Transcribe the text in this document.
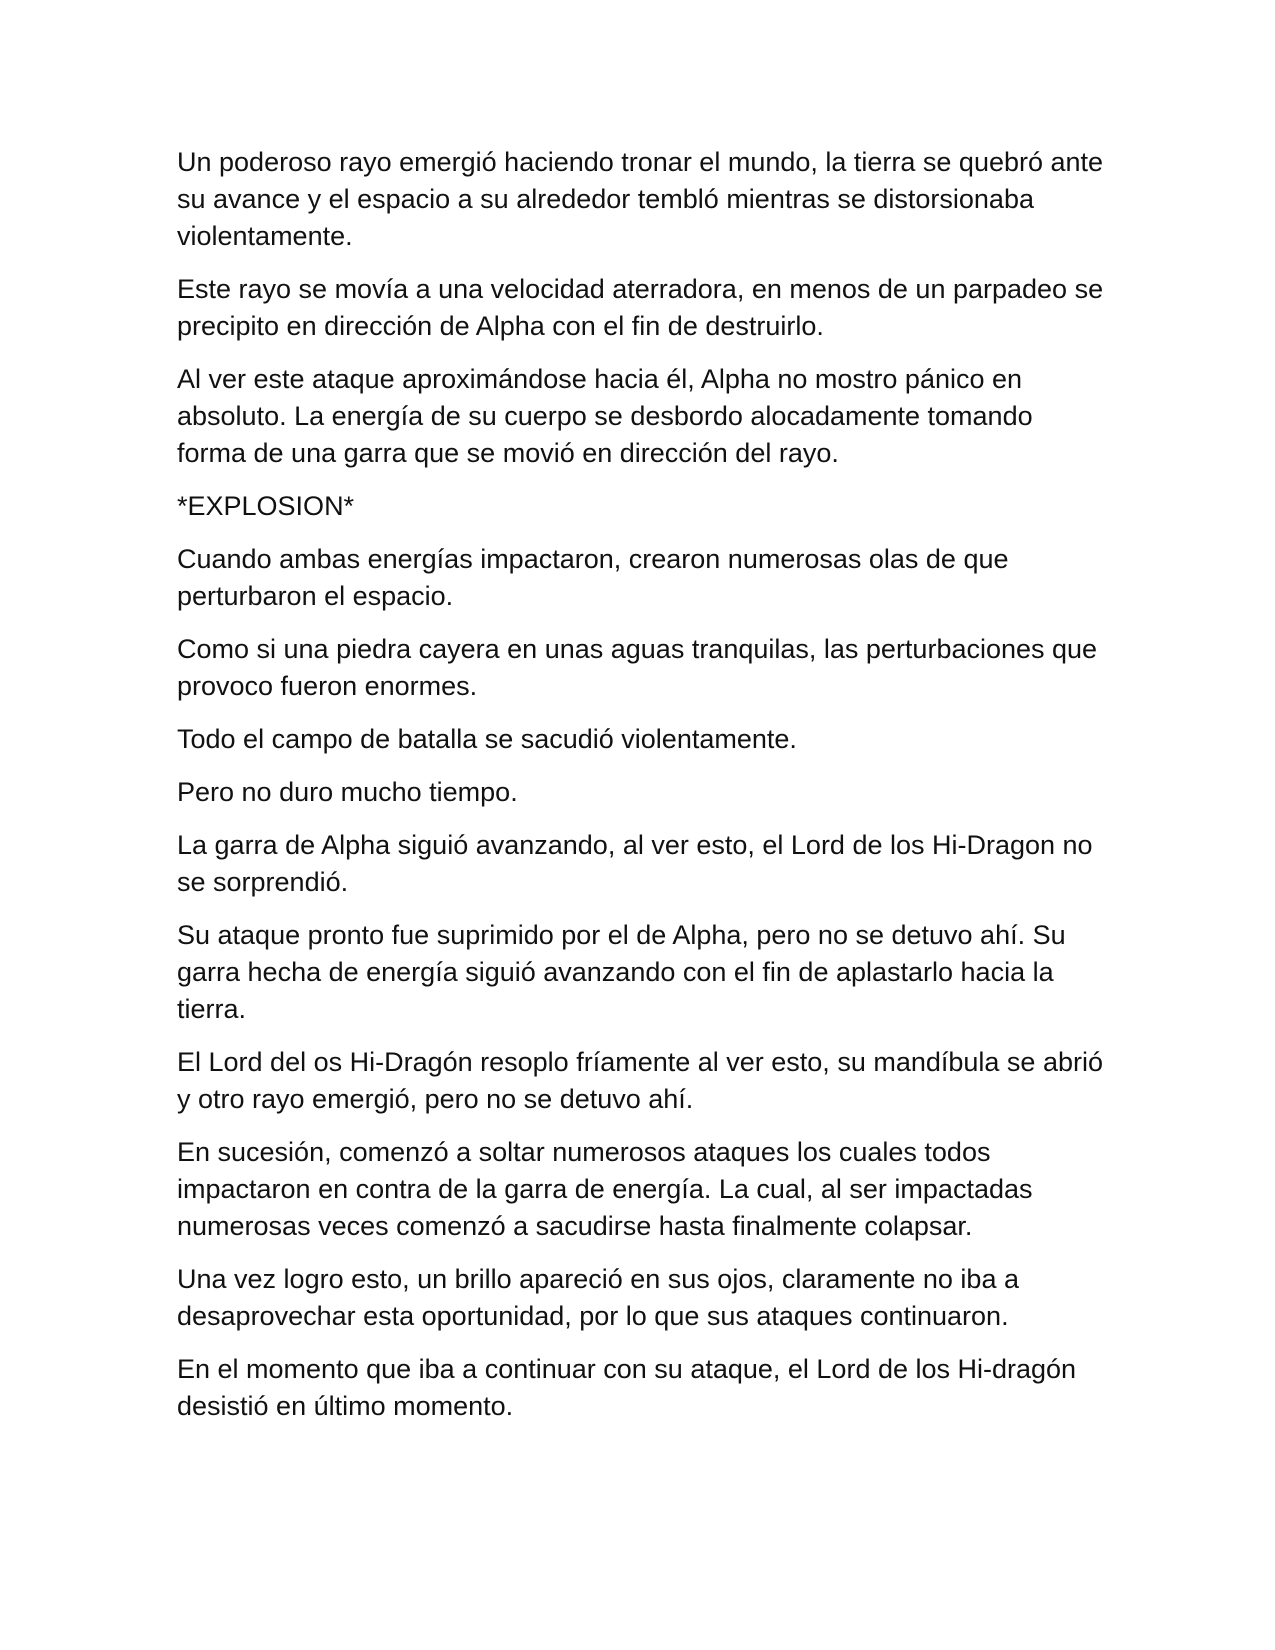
Un poderoso rayo emergió haciendo tronar el mundo, la tierra se quebró ante su avance y el espacio a su alrededor tembló mientras se distorsionaba violentamente.

Este rayo se movía a una velocidad aterradora, en menos de un parpadeo se precipito en dirección de Alpha con el fin de destruirlo.

Al ver este ataque aproximándose hacia él, Alpha no mostro pánico en absoluto. La energía de su cuerpo se desbordo alocadamente tomando forma de una garra que se movió en dirección del rayo.

*EXPLOSION*

Cuando ambas energías impactaron, crearon numerosas olas de que perturbaron el espacio.

Como si una piedra cayera en unas aguas tranquilas, las perturbaciones que provoco fueron enormes.

Todo el campo de batalla se sacudió violentamente.

Pero no duro mucho tiempo.

La garra de Alpha siguió avanzando, al ver esto, el Lord de los Hi-Dragon no se sorprendió.

Su ataque pronto fue suprimido por el de Alpha, pero no se detuvo ahí. Su garra hecha de energía siguió avanzando con el fin de aplastarlo hacia la tierra.

El Lord del os Hi-Dragón resoplo fríamente al ver esto, su mandíbula se abrió y otro rayo emergió, pero no se detuvo ahí.

En sucesión, comenzó a soltar numerosos ataques los cuales todos impactaron en contra de la garra de energía. La cual, al ser impactadas numerosas veces comenzó a sacudirse hasta finalmente colapsar.

Una vez logro esto, un brillo apareció en sus ojos, claramente no iba a desaprovechar esta oportunidad, por lo que sus ataques continuaron.

En el momento que iba a continuar con su ataque, el Lord de los Hi-dragón desistió en último momento.
